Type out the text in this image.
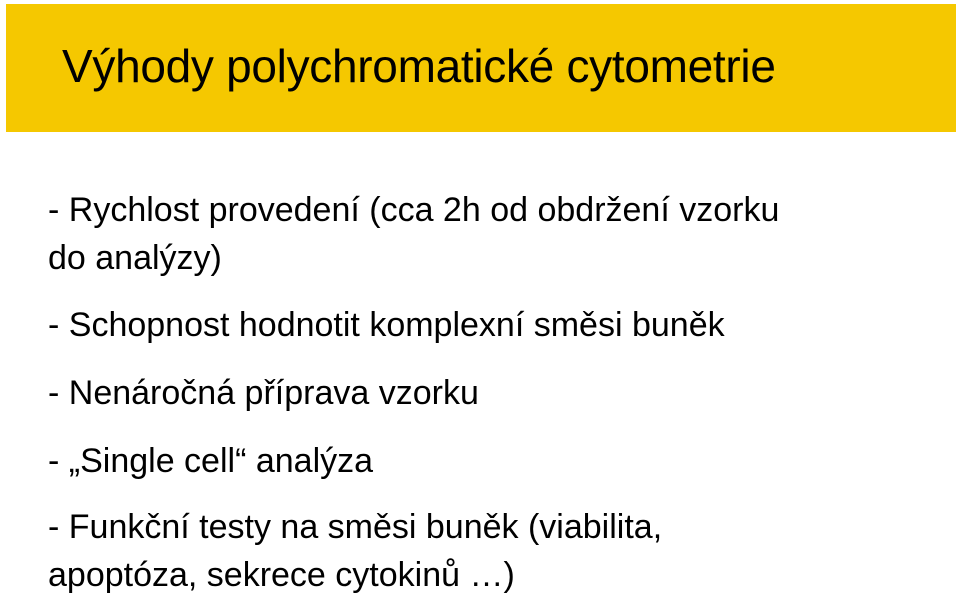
Výhody polychromatické cytometrie
- Rychlost provedení (cca 2h od obdržení vzorku
do analýzy)
- Schopnost hodnotit komplexní směsi buněk
- Nenáročná příprava vzorku
- „Single cell“ analýza
- Funkční testy na směsi buněk (viabilita,
apoptóza, sekrece cytokinů …)
